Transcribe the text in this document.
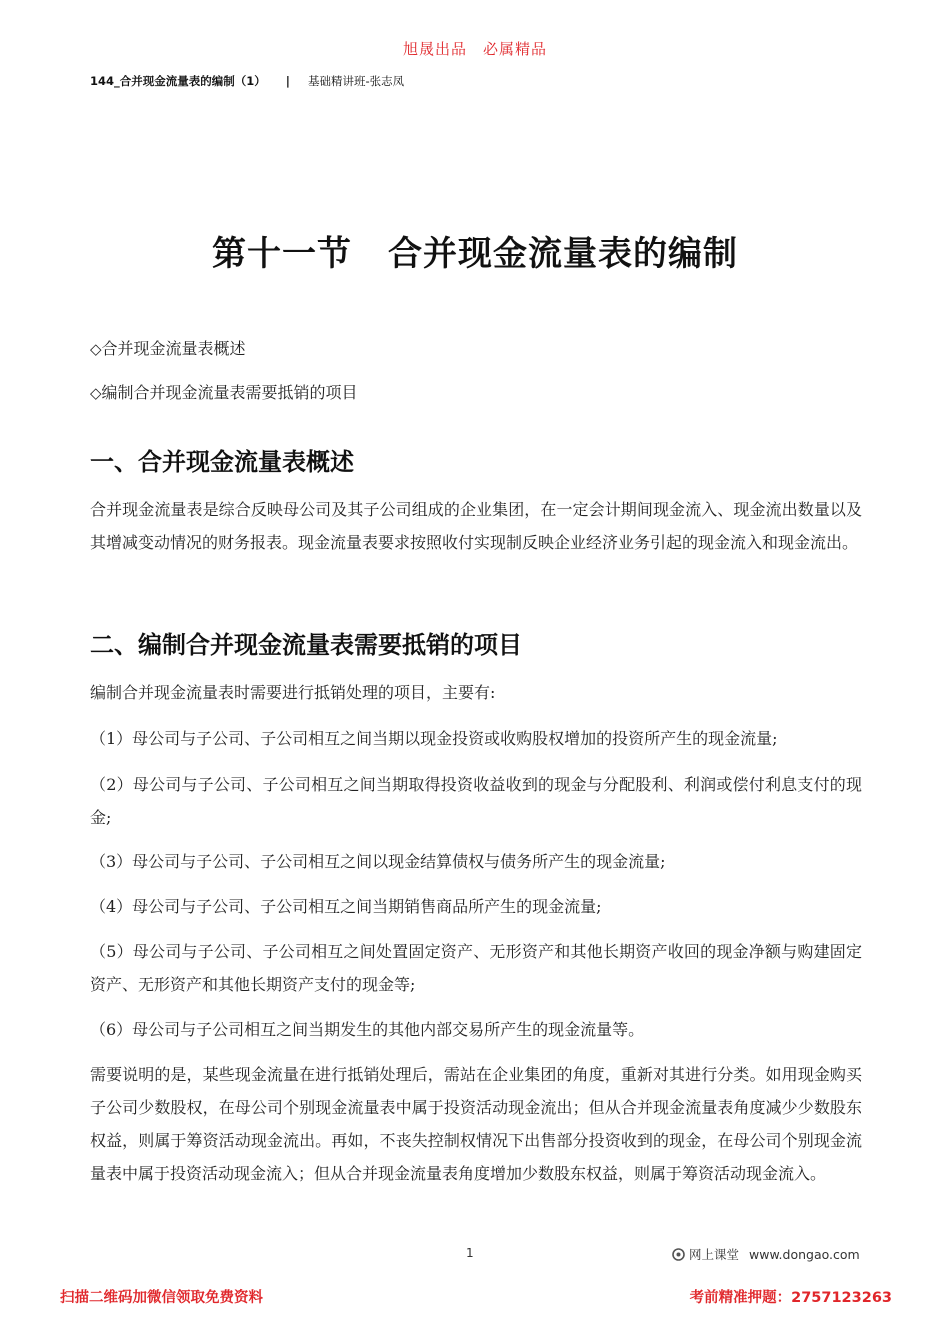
旭晟出品　必属精品
144_合并现金流量表的编制（1） | 基础精讲班-张志凤
第十一节 合并现金流量表的编制
◇合并现金流量表概述
◇编制合并现金流量表需要抵销的项目
一、合并现金流量表概述
合并现金流量表是综合反映母公司及其子公司组成的企业集团，在一定会计期间现金流入、现金流出数量以及其增减变动情况的财务报表。现金流量表要求按照收付实现制反映企业经济业务引起的现金流入和现金流出。
二、编制合并现金流量表需要抵销的项目
编制合并现金流量表时需要进行抵销处理的项目，主要有:
（1）母公司与子公司、子公司相互之间当期以现金投资或收购股权增加的投资所产生的现金流量;
（2）母公司与子公司、子公司相互之间当期取得投资收益收到的现金与分配股利、利润或偿付利息支付的现金;
（3）母公司与子公司、子公司相互之间以现金结算债权与债务所产生的现金流量;
（4）母公司与子公司、子公司相互之间当期销售商品所产生的现金流量;
（5）母公司与子公司、子公司相互之间处置固定资产、无形资产和其他长期资产收回的现金净额与购建固定资产、无形资产和其他长期资产支付的现金等;
（6）母公司与子公司相互之间当期发生的其他内部交易所产生的现金流量等。
需要说明的是，某些现金流量在进行抵销处理后，需站在企业集团的角度，重新对其进行分类。如用现金购买子公司少数股权，在母公司个别现金流量表中属于投资活动现金流出；但从合并现金流量表角度减少少数股东权益，则属于筹资活动现金流出。再如，不丧失控制权情况下出售部分投资收到的现金，在母公司个别现金流量表中属于投资活动现金流入；但从合并现金流量表角度增加少数股东权益，则属于筹资活动现金流入。
1	网上课堂 www.dongao.com
扫描二维码加微信领取免费资料	考前精准押题：2757123263
